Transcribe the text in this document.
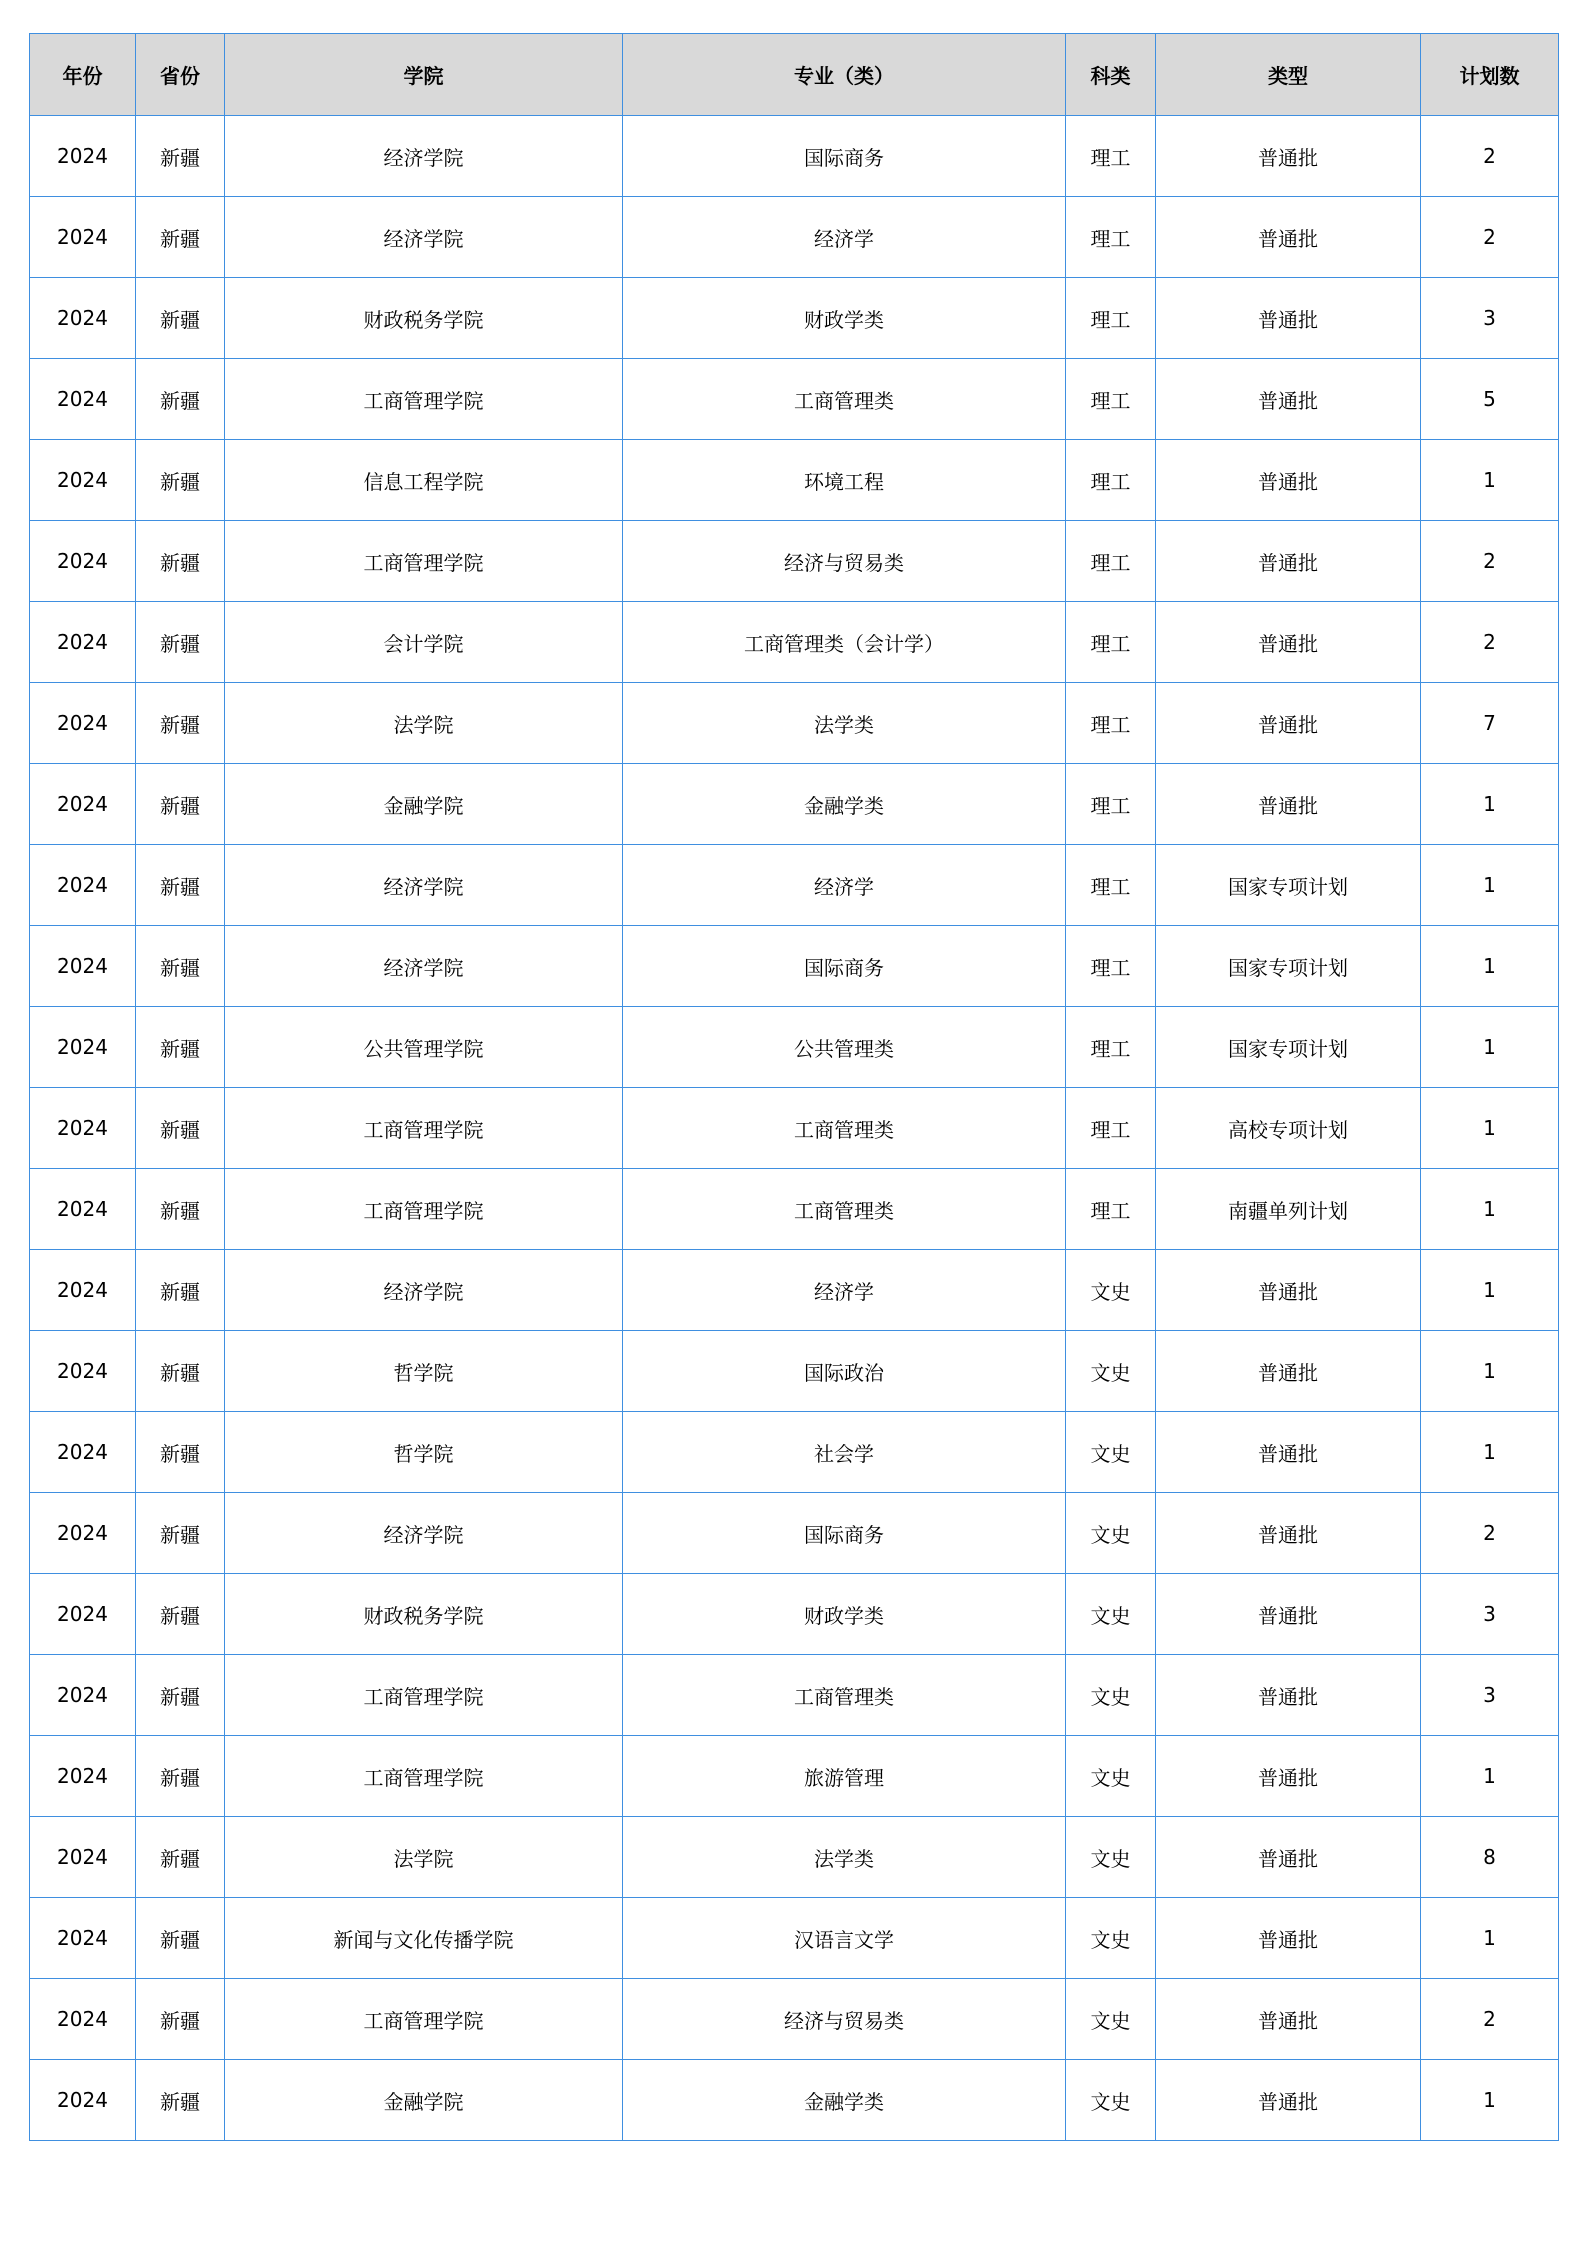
年份	省份	学院	专业（类）	科类	类型	计划数
2024	新疆	经济学院	国际商务	理工	普通批	2
2024	新疆	经济学院	经济学	理工	普通批	2
2024	新疆	财政税务学院	财政学类	理工	普通批	3
2024	新疆	工商管理学院	工商管理类	理工	普通批	5
2024	新疆	信息工程学院	环境工程	理工	普通批	1
2024	新疆	工商管理学院	经济与贸易类	理工	普通批	2
2024	新疆	会计学院	工商管理类（会计学）	理工	普通批	2
2024	新疆	法学院	法学类	理工	普通批	7
2024	新疆	金融学院	金融学类	理工	普通批	1
2024	新疆	经济学院	经济学	理工	国家专项计划	1
2024	新疆	经济学院	国际商务	理工	国家专项计划	1
2024	新疆	公共管理学院	公共管理类	理工	国家专项计划	1
2024	新疆	工商管理学院	工商管理类	理工	高校专项计划	1
2024	新疆	工商管理学院	工商管理类	理工	南疆单列计划	1
2024	新疆	经济学院	经济学	文史	普通批	1
2024	新疆	哲学院	国际政治	文史	普通批	1
2024	新疆	哲学院	社会学	文史	普通批	1
2024	新疆	经济学院	国际商务	文史	普通批	2
2024	新疆	财政税务学院	财政学类	文史	普通批	3
2024	新疆	工商管理学院	工商管理类	文史	普通批	3
2024	新疆	工商管理学院	旅游管理	文史	普通批	1
2024	新疆	法学院	法学类	文史	普通批	8
2024	新疆	新闻与文化传播学院	汉语言文学	文史	普通批	1
2024	新疆	工商管理学院	经济与贸易类	文史	普通批	2
2024	新疆	金融学院	金融学类	文史	普通批	1
